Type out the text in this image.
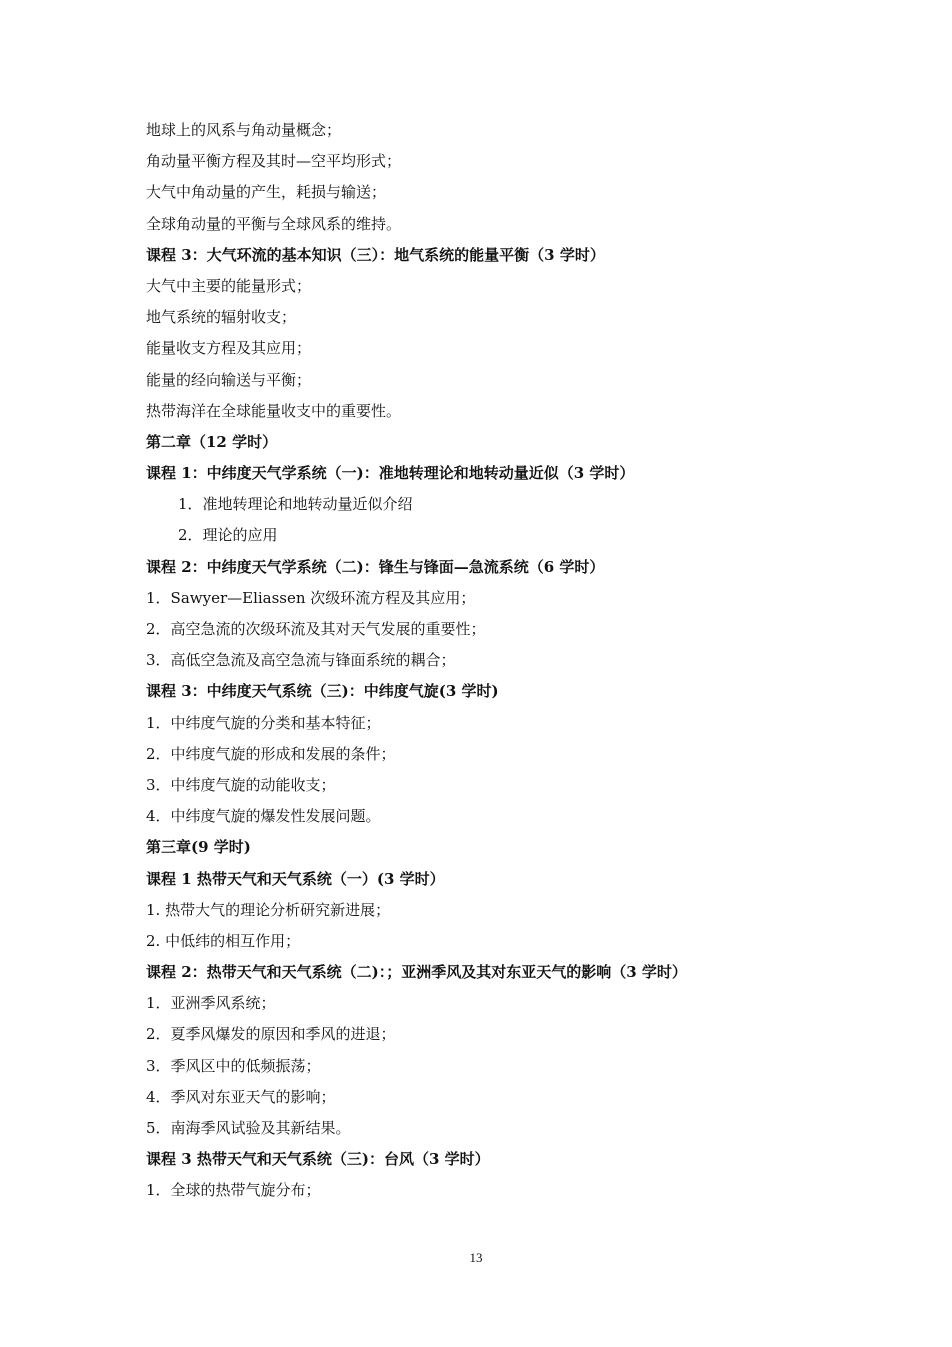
地球上的风系与角动量概念；
角动量平衡方程及其时—空平均形式；
大气中角动量的产生，耗损与输送；
全球角动量的平衡与全球风系的维持。
课程 3：大气环流的基本知识（三）：地气系统的能量平衡（3 学时）
大气中主要的能量形式；
地气系统的辐射收支；
能量收支方程及其应用；
能量的经向输送与平衡；
热带海洋在全球能量收支中的重要性。
第二章（12 学时）
课程 1：中纬度天气学系统（一)：准地转理论和地转动量近似（3 学时）
1．准地转理论和地转动量近似介绍
2．理论的应用
课程 2：中纬度天气学系统（二)：锋生与锋面—急流系统（6 学时）
1．Sawyer—Eliassen 次级环流方程及其应用；
2．高空急流的次级环流及其对天气发展的重要性；
3．高低空急流及高空急流与锋面系统的耦合；
课程 3：中纬度天气系统（三)：中纬度气旋(3 学时)
1．中纬度气旋的分类和基本特征；
2．中纬度气旋的形成和发展的条件；
3．中纬度气旋的动能收支；
4．中纬度气旋的爆发性发展问题。
第三章(9 学时)
课程 1 热带天气和天气系统（一）(3 学时）
1. 热带大气的理论分析研究新进展；
2. 中低纬的相互作用；
课程 2：热带天气和天气系统（二)：；亚洲季风及其对东亚天气的影响（3 学时）
1．亚洲季风系统；
2．夏季风爆发的原因和季风的进退；
3．季风区中的低频振荡；
4．季风对东亚天气的影响；
5．南海季风试验及其新结果。
课程 3 热带天气和天气系统（三)：台风（3 学时）
1．全球的热带气旋分布；
13
